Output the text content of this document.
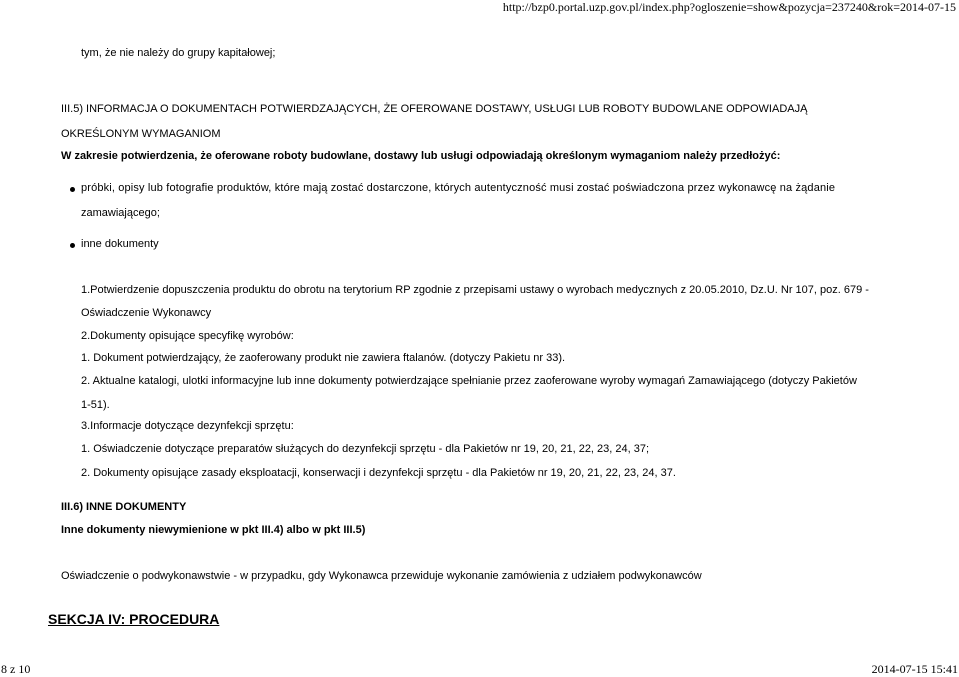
http://bzp0.portal.uzp.gov.pl/index.php?ogloszenie=show&pozycja=237240&rok=2014-07-15
tym, że nie należy do grupy kapitałowej;
III.5) INFORMACJA O DOKUMENTACH POTWIERDZAJĄCYCH, ŻE OFEROWANE DOSTAWY, USŁUGI LUB ROBOTY BUDOWLANE ODPOWIADAJĄ
OKREŚLONYM WYMAGANIOM
W zakresie potwierdzenia, że oferowane roboty budowlane, dostawy lub usługi odpowiadają określonym wymaganiom należy przedłożyć:
próbki, opisy lub fotografie produktów, które mają zostać dostarczone, których autentyczność musi zostać poświadczona przez wykonawcę na żądanie
zamawiającego;
inne dokumenty
1.Potwierdzenie dopuszczenia produktu do obrotu na terytorium RP zgodnie z przepisami ustawy o wyrobach medycznych z 20.05.2010, Dz.U. Nr 107, poz. 679 -
Oświadczenie Wykonawcy
2.Dokumenty opisujące specyfikę wyrobów:
1. Dokument potwierdzający, że zaoferowany produkt nie zawiera ftalanów. (dotyczy Pakietu nr 33).
2. Aktualne katalogi, ulotki informacyjne lub inne dokumenty potwierdzające spełnianie przez zaoferowane wyroby wymagań Zamawiającego (dotyczy Pakietów
1-51).
3.Informacje dotyczące dezynfekcji sprzętu:
1. Oświadczenie dotyczące preparatów służących do dezynfekcji sprzętu - dla Pakietów nr 19, 20, 21, 22, 23, 24, 37;
2. Dokumenty opisujące zasady eksploatacji, konserwacji i dezynfekcji sprzętu - dla Pakietów nr 19, 20, 21, 22, 23, 24, 37.
III.6) INNE DOKUMENTY
Inne dokumenty niewymienione w pkt III.4) albo w pkt III.5)
Oświadczenie o podwykonawstwie - w przypadku, gdy Wykonawca przewiduje wykonanie zamówienia z udziałem podwykonawców
SEKCJA IV: PROCEDURA
8 z 10	2014-07-15 15:41
